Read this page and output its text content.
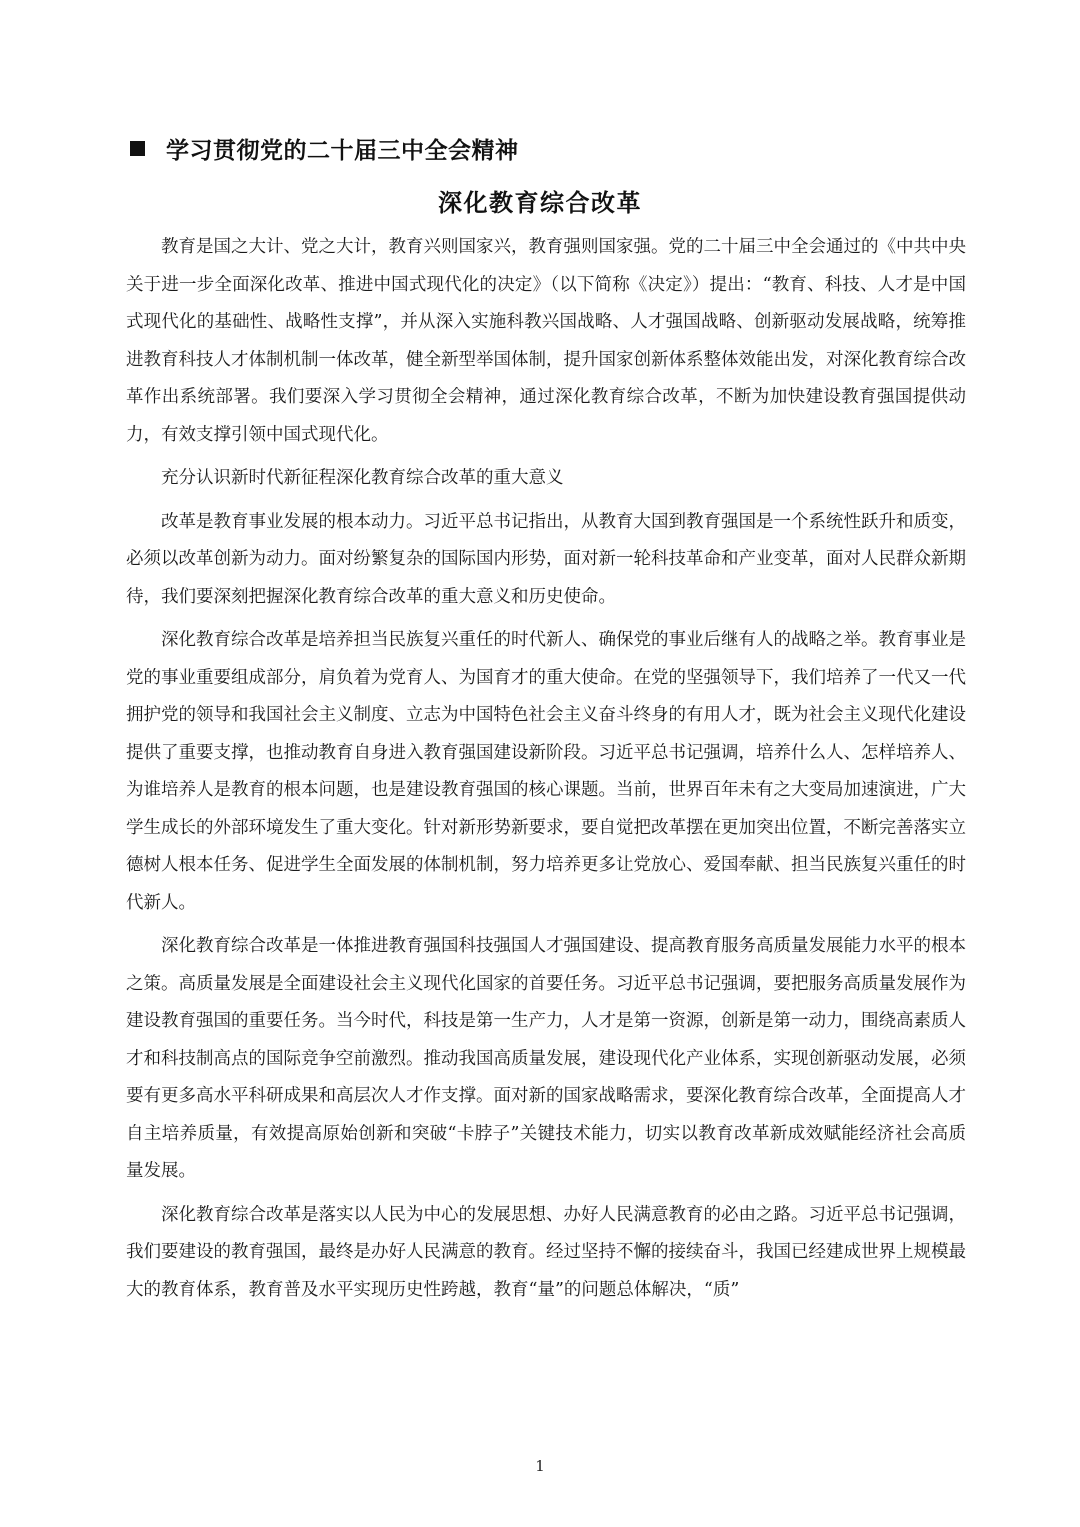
学习贯彻党的二十届三中全会精神
深化教育综合改革

教育是国之大计、党之大计，教育兴则国家兴，教育强则国家强。党的二十届三中全会通过的《中共中央关于进一步全面深化改革、推进中国式现代化的决定》（以下简称《决定》）提出：“教育、科技、人才是中国式现代化的基础性、战略性支撑”，并从深入实施科教兴国战略、人才强国战略、创新驱动发展战略，统筹推进教育科技人才体制机制一体改革，健全新型举国体制，提升国家创新体系整体效能出发，对深化教育综合改革作出系统部署。我们要深入学习贯彻全会精神，通过深化教育综合改革，不断为加快建设教育强国提供动力，有效支撑引领中国式现代化。

充分认识新时代新征程深化教育综合改革的重大意义

改革是教育事业发展的根本动力。习近平总书记指出，从教育大国到教育强国是一个系统性跃升和质变，必须以改革创新为动力。面对纷繁复杂的国际国内形势，面对新一轮科技革命和产业变革，面对人民群众新期待，我们要深刻把握深化教育综合改革的重大意义和历史使命。

深化教育综合改革是培养担当民族复兴重任的时代新人、确保党的事业后继有人的战略之举。教育事业是党的事业重要组成部分，肩负着为党育人、为国育才的重大使命。在党的坚强领导下，我们培养了一代又一代拥护党的领导和我国社会主义制度、立志为中国特色社会主义奋斗终身的有用人才，既为社会主义现代化建设提供了重要支撑，也推动教育自身进入教育强国建设新阶段。习近平总书记强调，培养什么人、怎样培养人、为谁培养人是教育的根本问题，也是建设教育强国的核心课题。当前，世界百年未有之大变局加速演进，广大学生成长的外部环境发生了重大变化。针对新形势新要求，要自觉把改革摆在更加突出位置，不断完善落实立德树人根本任务、促进学生全面发展的体制机制，努力培养更多让党放心、爱国奉献、担当民族复兴重任的时代新人。

深化教育综合改革是一体推进教育强国科技强国人才强国建设、提高教育服务高质量发展能力水平的根本之策。高质量发展是全面建设社会主义现代化国家的首要任务。习近平总书记强调，要把服务高质量发展作为建设教育强国的重要任务。当今时代，科技是第一生产力，人才是第一资源，创新是第一动力，围绕高素质人才和科技制高点的国际竞争空前激烈。推动我国高质量发展，建设现代化产业体系，实现创新驱动发展，必须要有更多高水平科研成果和高层次人才作支撑。面对新的国家战略需求，要深化教育综合改革，全面提高人才自主培养质量，有效提高原始创新和突破“卡脖子”关键技术能力，切实以教育改革新成效赋能经济社会高质量发展。

深化教育综合改革是落实以人民为中心的发展思想、办好人民满意教育的必由之路。习近平总书记强调，我们要建设的教育强国，最终是办好人民满意的教育。经过坚持不懈的接续奋斗，我国已经建成世界上规模最大的教育体系，教育普及水平实现历史性跨越，教育“量”的问题总体解决，“质”

1
